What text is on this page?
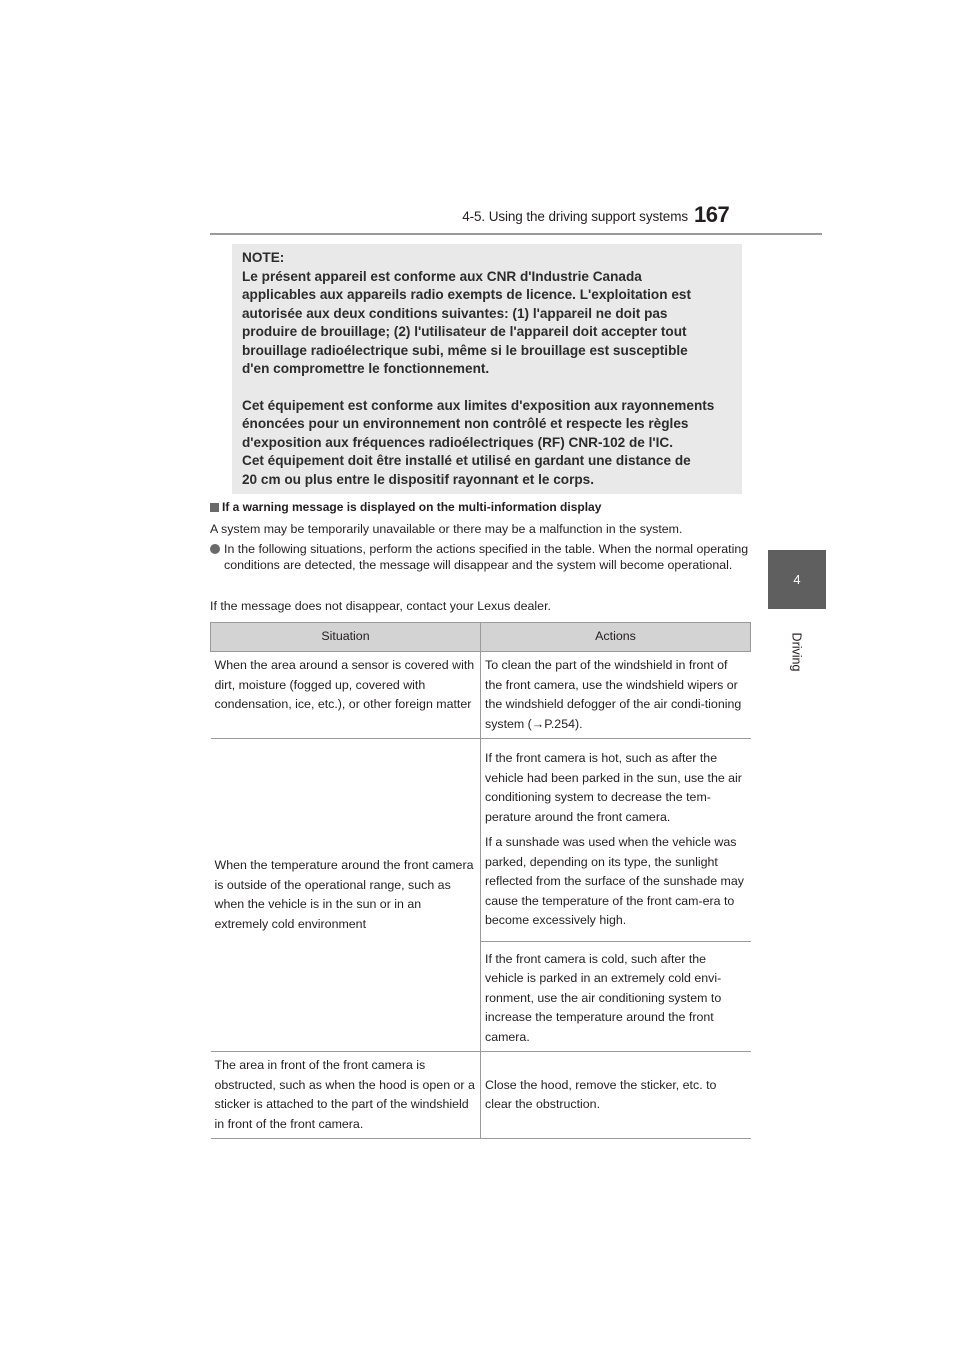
4-5. Using the driving support systems 167
4
Driving

NOTE:

Le présent appareil est conforme aux CNR d'Industrie Canada

applicables aux appareils radio exempts de licence. L'exploitation est

autorisée aux deux conditions suivantes: (1) l'appareil ne doit pas

produire de brouillage; (2) l'utilisateur de l'appareil doit accepter tout

brouillage radioélectrique subi, même si le brouillage est susceptible

d'en compromettre le fonctionnement.

Cet équipement est conforme aux limites d'exposition aux rayonnements

énoncées pour un environnement non contrôlé et respecte les règles

d'exposition aux fréquences radioélectriques (RF) CNR-102 de l'IC.

Cet équipement doit être installé et utilisé en gardant une distance de

20 cm ou plus entre le dispositif rayonnant et le corps.

If a warning message is displayed on the multi-information display
A system may be temporarily unavailable or there may be a malfunction in the system.
In the following situations, perform the actions specified in the table. When the normal operating conditions are detected, the message will disappear and the system will become operational.
If the message does not disappear, contact your Lexus dealer.
Situation	Actions
When the area around a sensor is covered with dirt, moisture (fogged up, covered with condensation, ice, etc.), or other foreign matter	To clean the part of the windshield in front of the front camera, use the windshield wipers or the windshield defogger of the air condi-tioning system (→P.254).
When the temperature around the front camera is outside of the operational range, such as when the vehicle is in the sun or in an extremely cold environment	If the front camera is hot, such as after the vehicle had been parked in the sun, use the air conditioning system to decrease the tem-perature around the front camera.
If a sunshade was used when the vehicle was parked, depending on its type, the sunlight reflected from the surface of the sunshade may cause the temperature of the front cam-era to become excessively high.
If the front camera is cold, such after the vehicle is parked in an extremely cold envi-ronment, use the air conditioning system to increase the temperature around the front camera.

The area in front of the front camera is obstructed, such as when the hood is open or a sticker is attached to the part of the windshield in front of the front camera.	Close the hood, remove the sticker, etc. to clear the obstruction.
